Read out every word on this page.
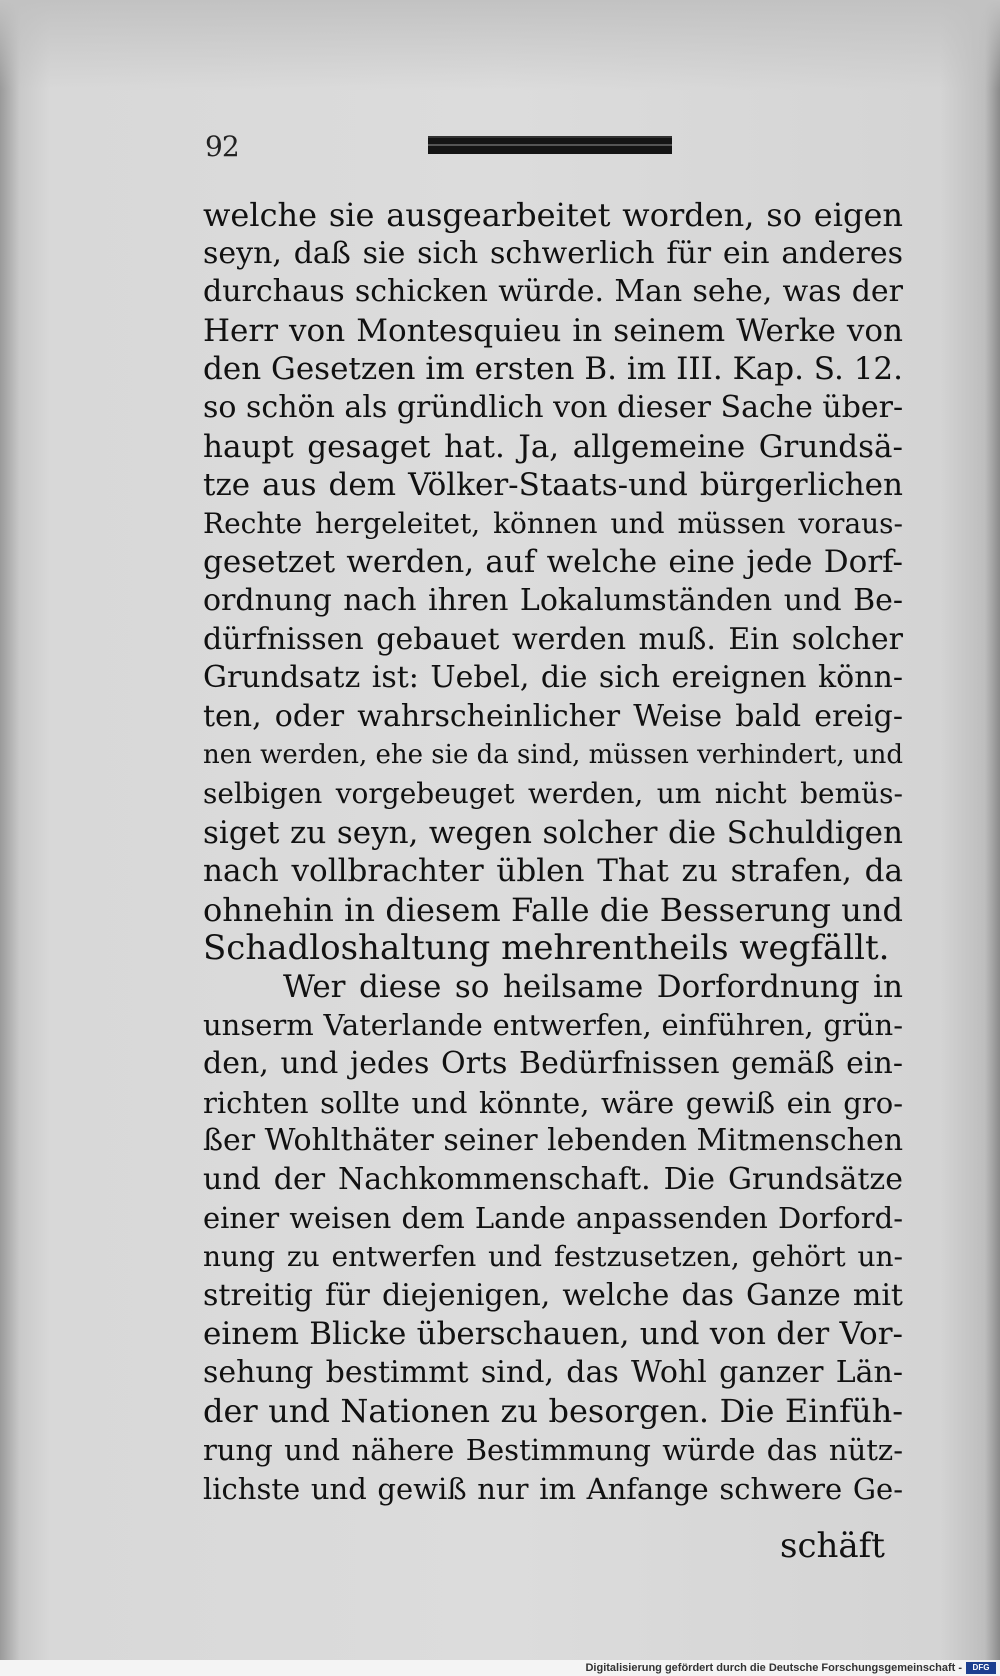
92
welche sie ausgearbeitet worden, so eigen
seyn, daß sie sich schwerlich für ein anderes
durchaus schicken würde. Man sehe, was der
Herr von Montesquieu in seinem Werke von
den Gesetzen im ersten B. im III. Kap. S. 12.
so schön als gründlich von dieser Sache über-
haupt gesaget hat. Ja, allgemeine Grundsä-
tze aus dem Völker-Staats-und bürgerlichen
Rechte hergeleitet, können und müssen voraus-
gesetzet werden, auf welche eine jede Dorf-
ordnung nach ihren Lokalumständen und Be-
dürfnissen gebauet werden muß. Ein solcher
Grundsatz ist: Uebel, die sich ereignen könn-
ten, oder wahrscheinlicher Weise bald ereig-
nen werden, ehe sie da sind, müssen verhindert, und
selbigen vorgebeuget werden, um nicht bemüs-
siget zu seyn, wegen solcher die Schuldigen
nach vollbrachter üblen That zu strafen, da
ohnehin in diesem Falle die Besserung und
Schadloshaltung mehrentheils wegfällt.
Wer diese so heilsame Dorfordnung in
unserm Vaterlande entwerfen, einführen, grün-
den, und jedes Orts Bedürfnissen gemäß ein-
richten sollte und könnte, wäre gewiß ein gro-
ßer Wohlthäter seiner lebenden Mitmenschen
und der Nachkommenschaft. Die Grundsätze
einer weisen dem Lande anpassenden Dorford-
nung zu entwerfen und festzusetzen, gehört un-
streitig für diejenigen, welche das Ganze mit
einem Blicke überschauen, und von der Vor-
sehung bestimmt sind, das Wohl ganzer Län-
der und Nationen zu besorgen. Die Einfüh-
rung und nähere Bestimmung würde das nütz-
lichste und gewiß nur im Anfange schwere Ge-
schäft
Digitalisierung gefördert durch die Deutsche Forschungsgemeinschaft -	DFG
